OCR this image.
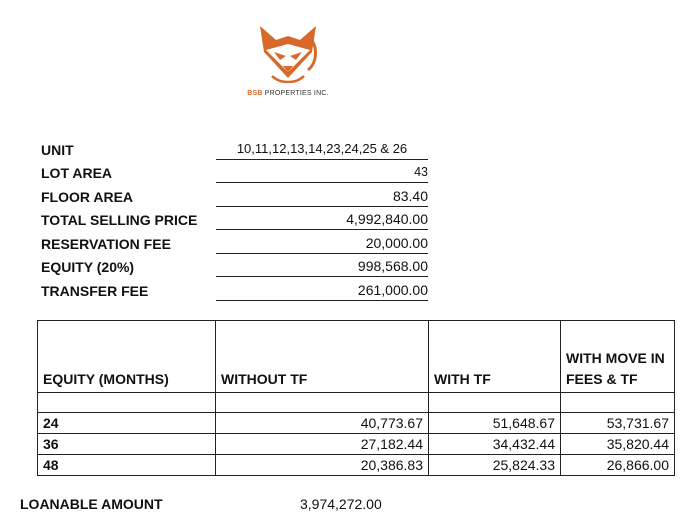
BSB PROPERTIES INC.
UNIT	10,11,12,13,14,23,24,25 & 26
LOT AREA	43
FLOOR AREA	83.40
TOTAL SELLING PRICE	4,992,840.00
RESERVATION FEE	20,000.00
EQUITY (20%)	998,568.00
TRANSFER FEE	261,000.00
EQUITY (MONTHS)	WITHOUT TF	WITH TF	WITH MOVE IN FEES & TF

24	40,773.67	51,648.67	53,731.67
36	27,182.44	34,432.44	35,820.44
48	20,386.83	25,824.33	26,866.00
LOANABLE AMOUNT	3,974,272.00
